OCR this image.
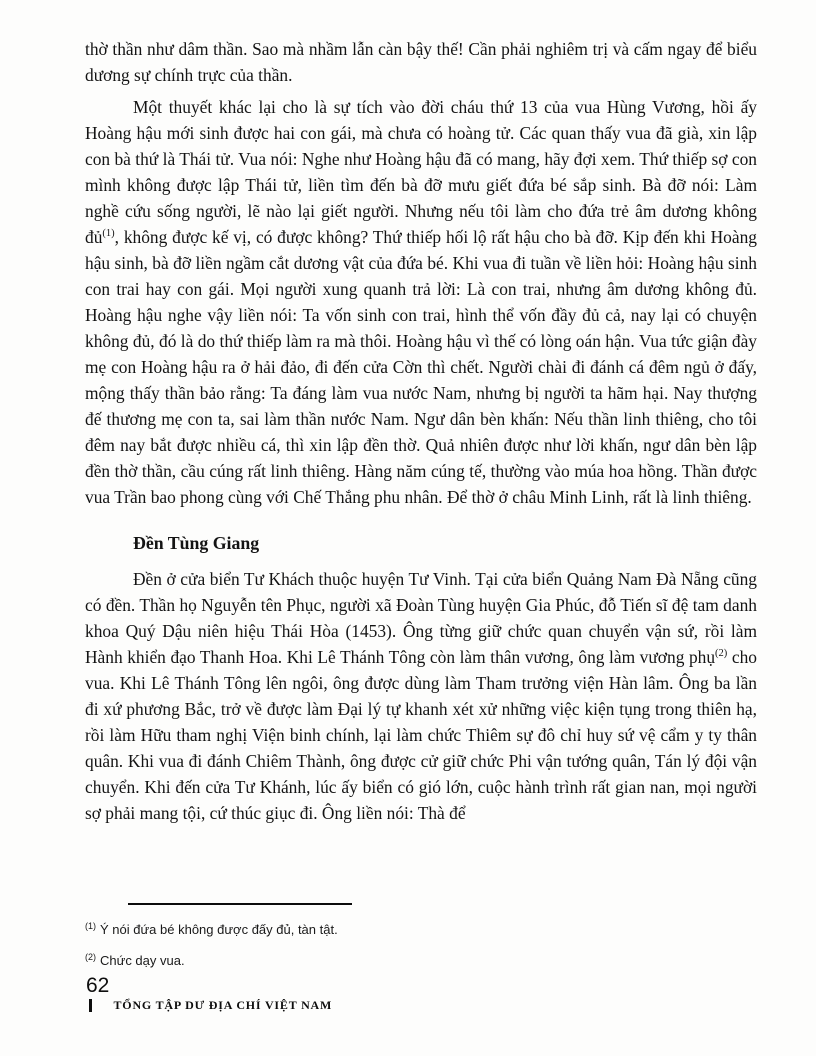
thờ thần như dâm thần. Sao mà nhầm lẫn càn bậy thế! Cần phải nghiêm trị và cấm ngay để biểu dương sự chính trực của thần.

Một thuyết khác lại cho là sự tích vào đời cháu thứ 13 của vua Hùng Vương, hồi ấy Hoàng hậu mới sinh được hai con gái, mà chưa có hoàng tử. Các quan thấy vua đã già, xin lập con bà thứ là Thái tử. Vua nói: Nghe như Hoàng hậu đã có mang, hãy đợi xem. Thứ thiếp sợ con mình không được lập Thái tử, liền tìm đến bà đỡ mưu giết đứa bé sắp sinh. Bà đỡ nói: Làm nghề cứu sống người, lẽ nào lại giết người. Nhưng nếu tôi làm cho đứa trẻ âm dương không đủ$^{(1)}$, không được kế vị, có được không? Thứ thiếp hối lộ rất hậu cho bà đỡ. Kịp đến khi Hoàng hậu sinh, bà đỡ liền ngầm cắt dương vật của đứa bé. Khi vua đi tuần về liền hỏi: Hoàng hậu sinh con trai hay con gái. Mọi người xung quanh trả lời: Là con trai, nhưng âm dương không đủ. Hoàng hậu nghe vậy liền nói: Ta vốn sinh con trai, hình thể vốn đầy đủ cả, nay lại có chuyện không đủ, đó là do thứ thiếp làm ra mà thôi. Hoàng hậu vì thế có lòng oán hận. Vua tức giận đày mẹ con Hoàng hậu ra ở hải đảo, đi đến cửa Cờn thì chết. Người chài đi đánh cá đêm ngủ ở đấy, mộng thấy thần bảo rằng: Ta đáng làm vua nước Nam, nhưng bị người ta hãm hại. Nay thượng đế thương mẹ con ta, sai làm thần nước Nam. Ngư dân bèn khấn: Nếu thần linh thiêng, cho tôi đêm nay bắt được nhiều cá, thì xin lập đền thờ. Quả nhiên được như lời khấn, ngư dân bèn lập đền thờ thần, cầu cúng rất linh thiêng. Hàng năm cúng tế, thường vào múa hoa hồng. Thần được vua Trần bao phong cùng với Chế Thắng phu nhân. Để thờ ở châu Minh Linh, rất là linh thiêng.

Đền Tùng Giang

Đền ở cửa biển Tư Khách thuộc huyện Tư Vinh. Tại cửa biển Quảng Nam Đà Nẵng cũng có đền. Thần họ Nguyễn tên Phục, người xã Đoàn Tùng huyện Gia Phúc, đỗ Tiến sĩ đệ tam danh khoa Quý Dậu niên hiệu Thái Hòa (1453). Ông từng giữ chức quan chuyển vận sứ, rồi làm Hành khiển đạo Thanh Hoa. Khi Lê Thánh Tông còn làm thân vương, ông làm vương phụ$^{(2)}$ cho vua. Khi Lê Thánh Tông lên ngôi, ông được dùng làm Tham trưởng viện Hàn lâm. Ông ba lần đi xứ phương Bắc, trở về được làm Đại lý tự khanh xét xử những việc kiện tụng trong thiên hạ, rồi làm Hữu tham nghị Viện binh chính, lại làm chức Thiêm sự đô chỉ huy sứ vệ cẩm y ty thân quân. Khi vua đi đánh Chiêm Thành, ông được cử giữ chức Phi vận tướng quân, Tán lý đội vận chuyển. Khi đến cửa Tư Khánh, lúc ấy biển có gió lớn, cuộc hành trình rất gian nan, mọi người sợ phải mang tội, cứ thúc giục đi. Ông liền nói: Thà để

$^{(1)}$ Ý nói đứa bé không được đấy đủ, tàn tật.

$^{(2)}$ Chức dạy vua.

62
TỔNG TẬP DƯ ĐỊA CHÍ VIỆT NAM
